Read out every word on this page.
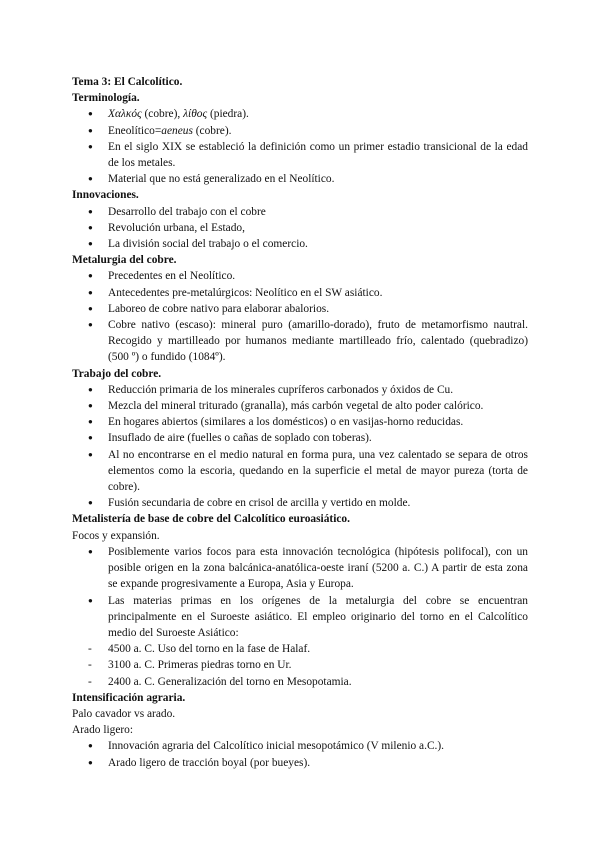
Tema 3: El Calcolítico.

Terminología.

● Χαλκός (cobre), λίθος (piedra).
● Eneolítico=aeneus (cobre).
● En el siglo XIX se estableció la definición como un primer estadio transicional de la edad de los metales.
● Material que no está generalizado en el Neolítico.

Innovaciones.

● Desarrollo del trabajo con el cobre
● Revolución urbana, el Estado,
● La división social del trabajo o el comercio.

Metalurgia del cobre.

● Precedentes en el Neolítico.
● Antecedentes pre-metalúrgicos: Neolítico en el SW asiático.
● Laboreo de cobre nativo para elaborar abalorios.
● Cobre nativo (escaso): mineral puro (amarillo-dorado), fruto de metamorfismo nautral. Recogido y martilleado por humanos mediante martilleado frío, calentado (quebradizo) (500 º) o fundido (1084º).

Trabajo del cobre.

● Reducción primaria de los minerales cupríferos carbonados y óxidos de Cu.
● Mezcla del mineral triturado (granalla), más carbón vegetal de alto poder calórico.
● En hogares abiertos (similares a los domésticos) o en vasijas-horno reducidas.
● Insuflado de aire (fuelles o cañas de soplado con toberas).
● Al no encontrarse en el medio natural en forma pura, una vez calentado se separa de otros elementos como la escoria, quedando en la superficie el metal de mayor pureza (torta de cobre).
● Fusión secundaria de cobre en crisol de arcilla y vertido en molde.

Metalistería de base de cobre del Calcolítico euroasiático.

Focos y expansión.

● Posiblemente varios focos para esta innovación tecnológica (hipótesis polifocal), con un posible origen en la zona balcánica-anatólica-oeste iraní (5200 a. C.) A partir de esta zona se expande progresivamente a Europa, Asia y Europa.
● Las materias primas en los orígenes de la metalurgia del cobre se encuentran principalmente en el Suroeste asiático. El empleo originario del torno en el Calcolítico medio del Suroeste Asiático:
- 4500 a. C. Uso del torno en la fase de Halaf.
- 3100 a. C. Primeras piedras torno en Ur.
- 2400 a. C. Generalización del torno en Mesopotamia.

Intensificación agraria.

Palo cavador vs arado.

Arado ligero:

● Innovación agraria del Calcolítico inicial mesopotámico (V milenio a.C.).
● Arado ligero de tracción boyal (por bueyes).
